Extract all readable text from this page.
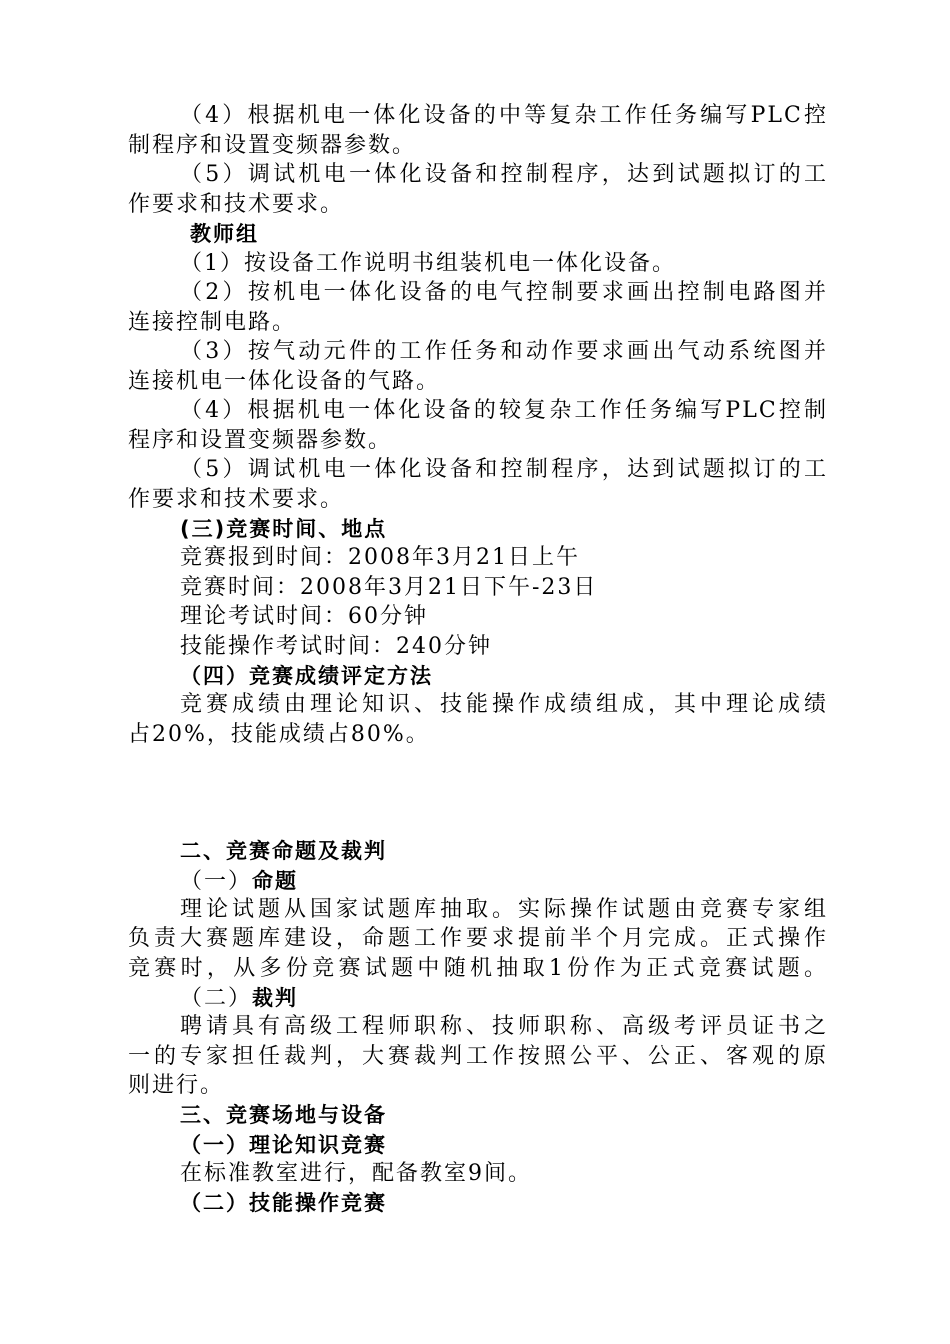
（4）根据机电一体化设备的中等复杂工作任务编写PLC控
制程序和设置变频器参数。
（5）调试机电一体化设备和控制程序，达到试题拟订的工
作要求和技术要求。
教师组
（1）按设备工作说明书组装机电一体化设备。
（2）按机电一体化设备的电气控制要求画出控制电路图并
连接控制电路。
（3）按气动元件的工作任务和动作要求画出气动系统图并
连接机电一体化设备的气路。
（4）根据机电一体化设备的较复杂工作任务编写PLC控制
程序和设置变频器参数。
（5）调试机电一体化设备和控制程序，达到试题拟订的工
作要求和技术要求。
(三)竞赛时间、地点
竞赛报到时间：2008年3月21日上午
竞赛时间：2008年3月21日下午-23日
理论考试时间：60分钟
技能操作考试时间：240分钟
（四）竞赛成绩评定方法
竞赛成绩由理论知识、技能操作成绩组成，其中理论成绩
占20%，技能成绩占80%。
二、竞赛命题及裁判
（一）命题
理论试题从国家试题库抽取。实际操作试题由竞赛专家组
负责大赛题库建设，命题工作要求提前半个月完成。正式操作
竞赛时，从多份竞赛试题中随机抽取1份作为正式竞赛试题。
（二）裁判
聘请具有高级工程师职称、技师职称、高级考评员证书之
一的专家担任裁判，大赛裁判工作按照公平、公正、客观的原
则进行。
三、竞赛场地与设备
（一）理论知识竞赛
在标准教室进行，配备教室9间。
（二）技能操作竞赛
